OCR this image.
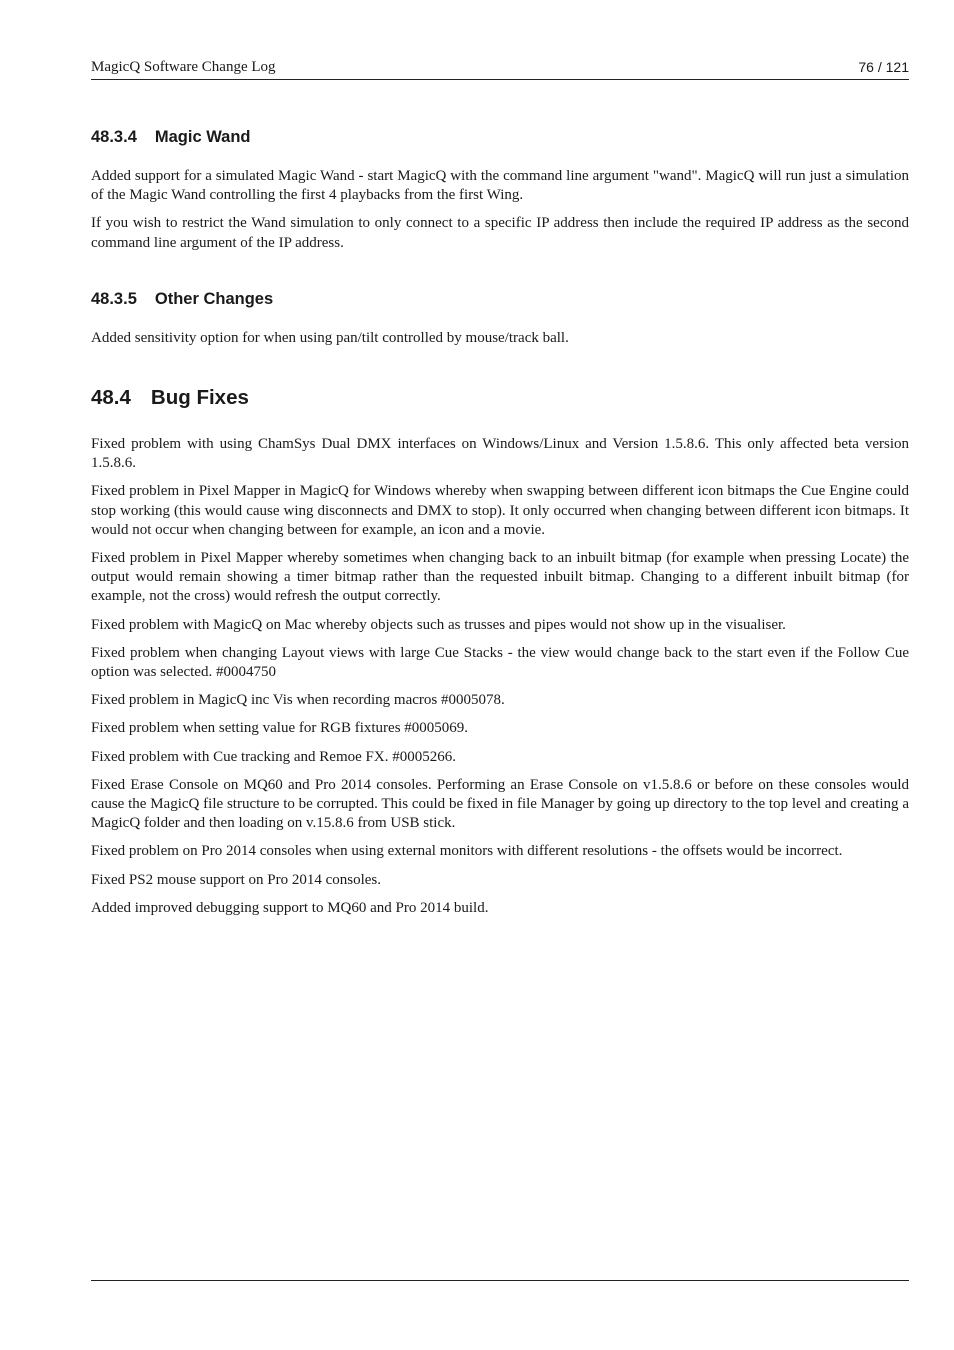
MagicQ Software Change Log	76 / 121
48.3.4 Magic Wand

Added support for a simulated Magic Wand - start MagicQ with the command line argument "wand". MagicQ will run just a simulation of the Magic Wand controlling the first 4 playbacks from the first Wing.

If you wish to restrict the Wand simulation to only connect to a specific IP address then include the required IP address as the second command line argument of the IP address.

48.3.5 Other Changes

Added sensitivity option for when using pan/tilt controlled by mouse/track ball.

48.4 Bug Fixes

Fixed problem with using ChamSys Dual DMX interfaces on Windows/Linux and Version 1.5.8.6. This only affected beta version 1.5.8.6.

Fixed problem in Pixel Mapper in MagicQ for Windows whereby when swapping between different icon bitmaps the Cue Engine could stop working (this would cause wing disconnects and DMX to stop). It only occurred when changing between different icon bitmaps. It would not occur when changing between for example, an icon and a movie.

Fixed problem in Pixel Mapper whereby sometimes when changing back to an inbuilt bitmap (for example when pressing Locate) the output would remain showing a timer bitmap rather than the requested inbuilt bitmap. Changing to a different inbuilt bitmap (for example, not the cross) would refresh the output correctly.

Fixed problem with MagicQ on Mac whereby objects such as trusses and pipes would not show up in the visualiser.

Fixed problem when changing Layout views with large Cue Stacks - the view would change back to the start even if the Follow Cue option was selected. #0004750

Fixed problem in MagicQ inc Vis when recording macros #0005078.

Fixed problem when setting value for RGB fixtures #0005069.

Fixed problem with Cue tracking and Remoe FX. #0005266.

Fixed Erase Console on MQ60 and Pro 2014 consoles. Performing an Erase Console on v1.5.8.6 or before on these consoles would cause the MagicQ file structure to be corrupted. This could be fixed in file Manager by going up directory to the top level and creating a MagicQ folder and then loading on v.15.8.6 from USB stick.

Fixed problem on Pro 2014 consoles when using external monitors with different resolutions - the offsets would be incorrect.

Fixed PS2 mouse support on Pro 2014 consoles.

Added improved debugging support to MQ60 and Pro 2014 build.
